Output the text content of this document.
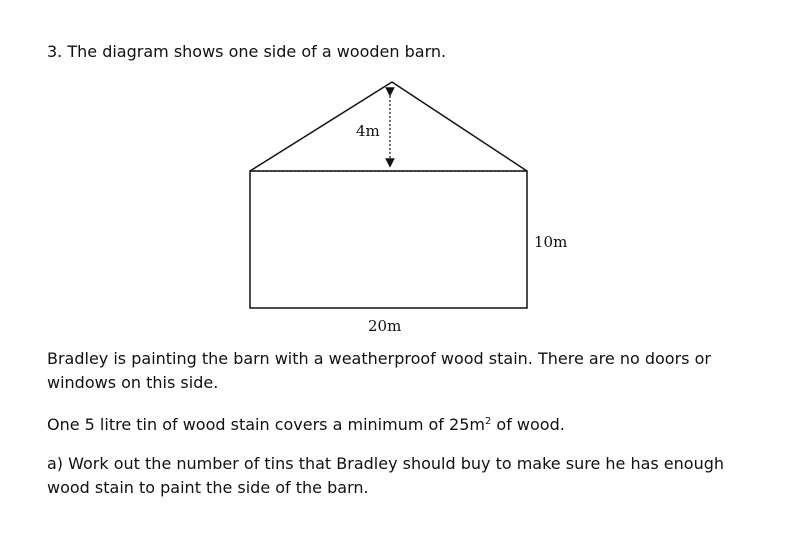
3. The diagram shows one side of a wooden barn.

4m
10m
20m

Bradley is painting the barn with a weatherproof wood stain. There are no doors or windows on this side.

One 5 litre tin of wood stain covers a minimum of $25m^2$ of wood.

a) Work out the number of tins that Bradley should buy to make sure he has enough wood stain to paint the side of the barn.
